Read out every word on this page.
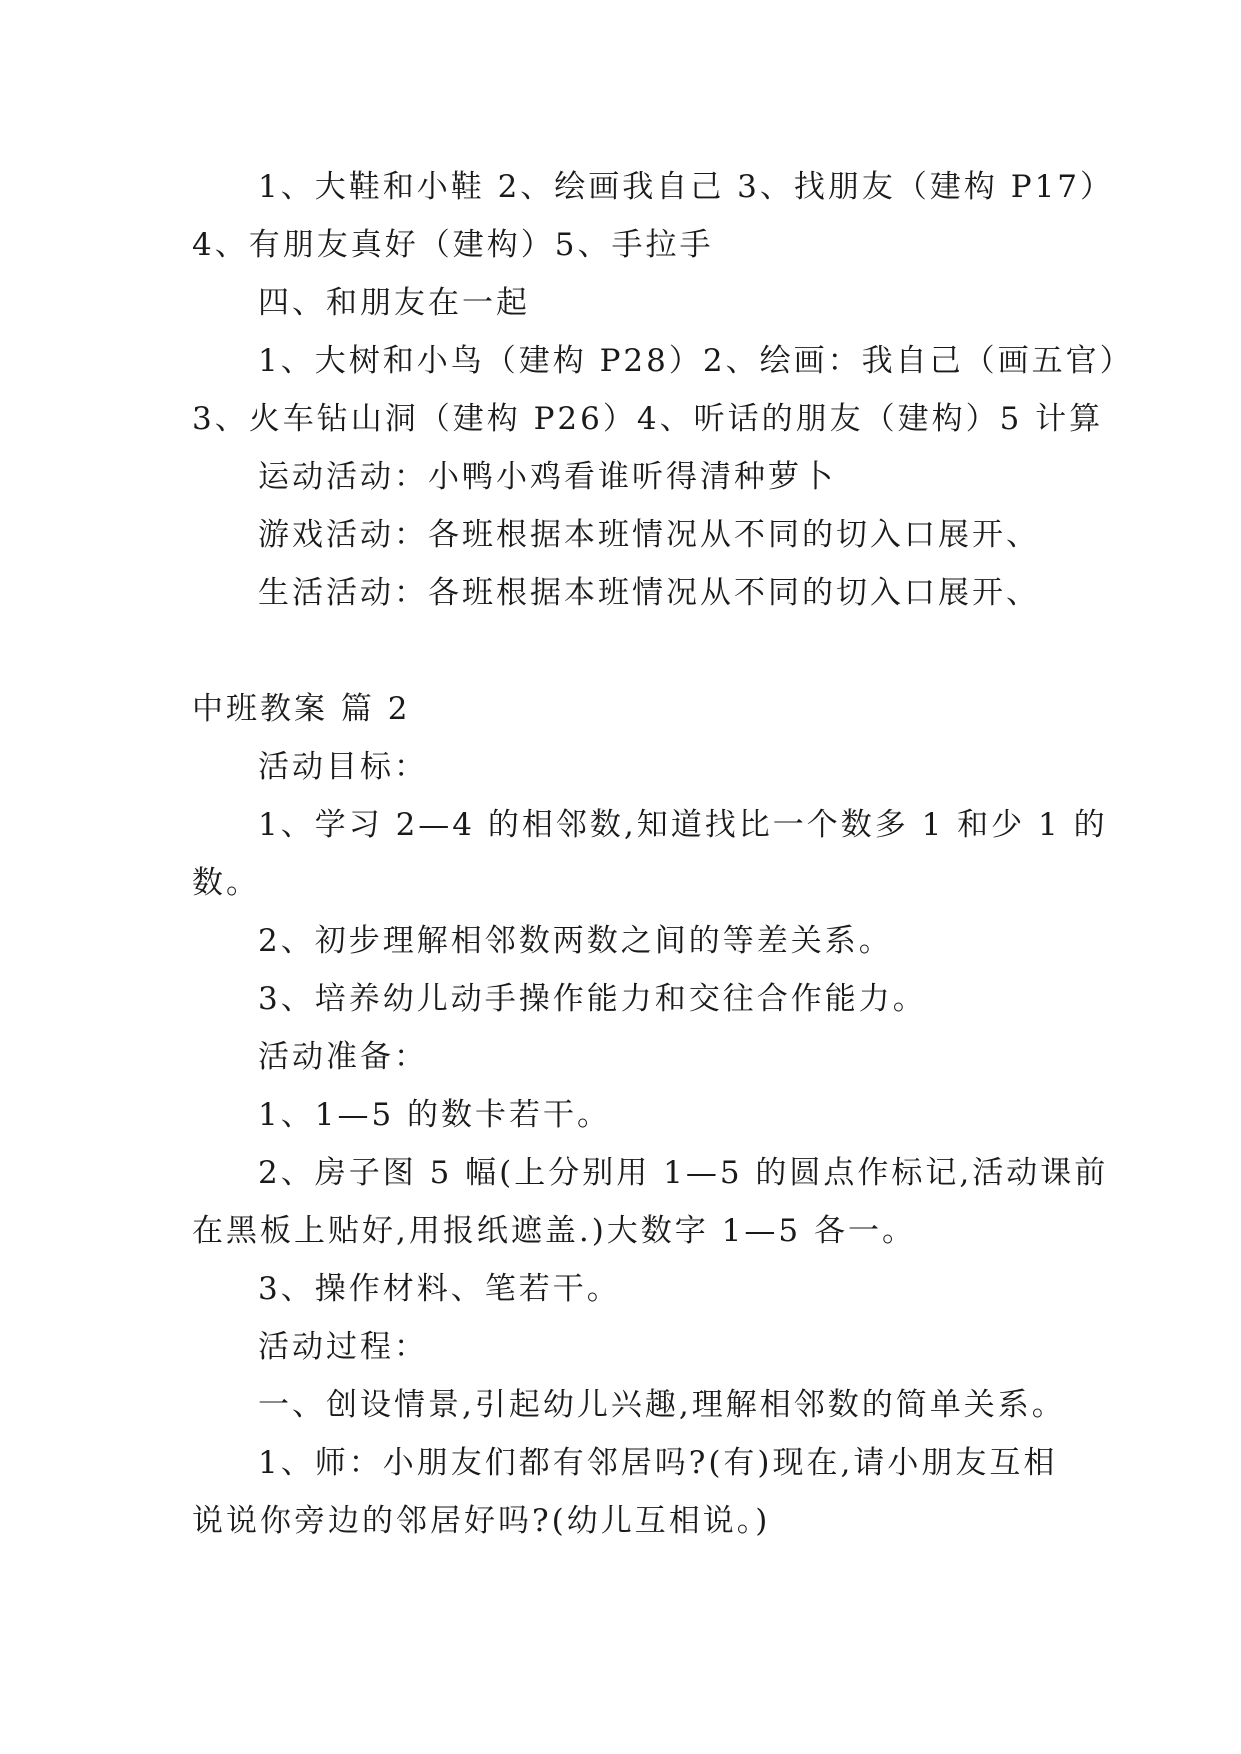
1、大鞋和小鞋 2、绘画我自己 3、找朋友（建构 P17）
4、有朋友真好（建构）5、手拉手
四、和朋友在一起
1、大树和小鸟（建构 P28）2、绘画：我自己（画五官）
3、火车钻山洞（建构 P26）4、听话的朋友（建构）5 计算
运动活动：小鸭小鸡看谁听得清种萝卜
游戏活动：各班根据本班情况从不同的切入口展开、
生活活动：各班根据本班情况从不同的切入口展开、
中班教案 篇 2
活动目标：
1、学习 2—4 的相邻数,知道找比一个数多 1 和少 1 的
数。
2、初步理解相邻数两数之间的等差关系。
3、培养幼儿动手操作能力和交往合作能力。
活动准备：
1、1—5 的数卡若干。
2、房子图 5 幅(上分别用 1—5 的圆点作标记,活动课前
在黑板上贴好,用报纸遮盖.)大数字 1—5 各一。
3、操作材料、笔若干。
活动过程：
一、创设情景,引起幼儿兴趣,理解相邻数的简单关系。
1、师：小朋友们都有邻居吗?(有)现在,请小朋友互相
说说你旁边的邻居好吗?(幼儿互相说。)
